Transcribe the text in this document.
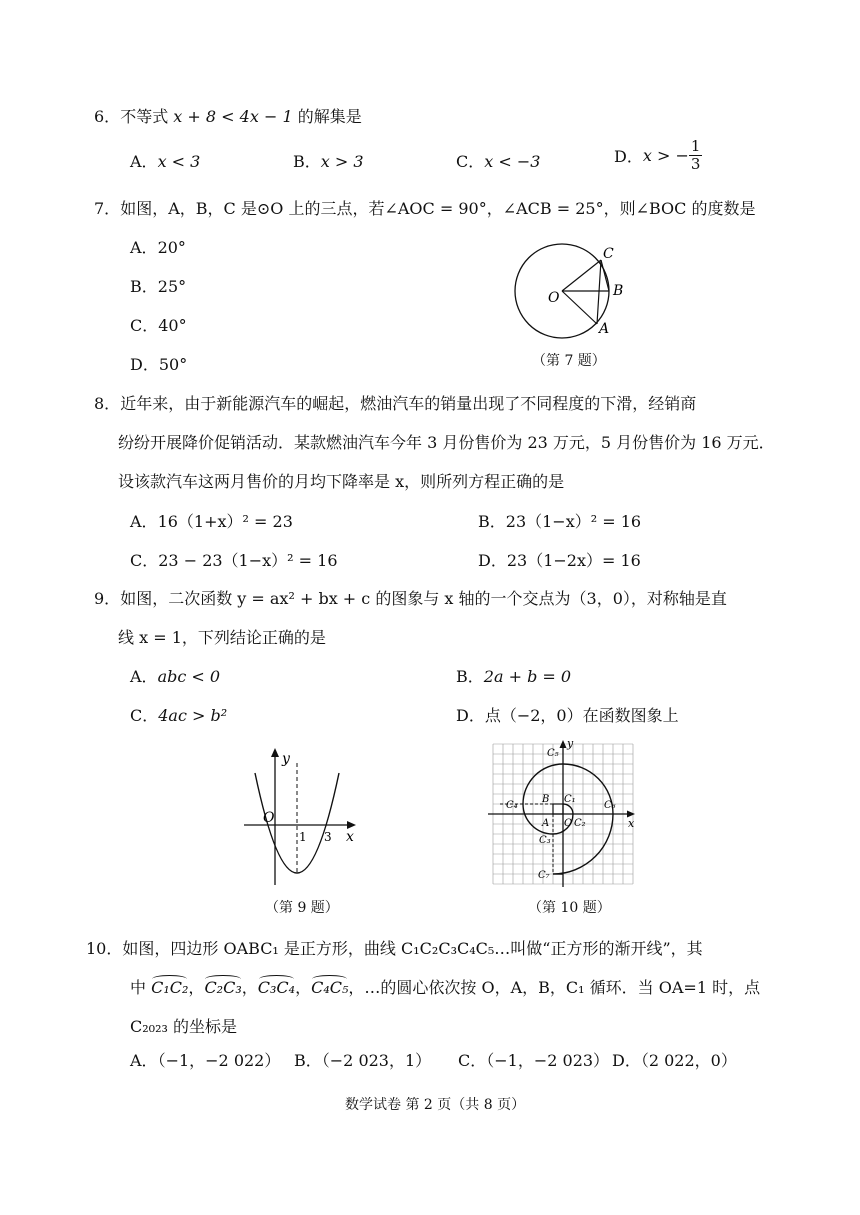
6．不等式 x + 8 < 4x − 1 的解集是
A．x < 3	B．x > 3	C．x < −3	D．x > − $\frac{1}{3}$
7．如图，A，B，C 是⊙O 上的三点，若∠AOC = 90°，∠ACB = 25°，则∠BOC 的度数是
A．20°
B．25°
C．40°
D．50°
O
C
B
A
（第 7 题）
8．近年来，由于新能源汽车的崛起，燃油汽车的销量出现了不同程度的下滑，经销商
纷纷开展降价促销活动．某款燃油汽车今年 3 月份售价为 23 万元，5 月份售价为 16 万元．
设该款汽车这两月售价的月均下降率是 x，则所列方程正确的是
A．16（1+x）² = 23	B．23（1−x）² = 16
C．23 − 23（1−x）² = 16	D．23（1−2x）= 16
9．如图，二次函数 y = ax² + bx + c 的图象与 x 轴的一个交点为（3，0），对称轴是直
线 x = 1，下列结论正确的是
A．abc < 0	B．2a + b = 0
C．4ac > b²	D．点（−2，0）在函数图象上
y
x
O
1 3
（第 9 题）
y
x
O
A
B C₁
C₂
C₃
C₄
C₅
C₆
C₇
（第 10 题）
10．如图，四边形 OABC₁ 是正方形，曲线 C₁C₂C₃C₄C₅…叫做“正方形的渐开线”，其
中 C₁C₂，C₂C₃，C₃C₄，C₄C₅，…的圆心依次按 O，A，B，C₁ 循环．当 OA=1 时，点
C₂₀₂₃ 的坐标是
A．（−1，−2 022） B．（−2 023，1） C．（−1，−2 023） D．（2 022，0）
数学试卷 第 2 页（共 8 页）
